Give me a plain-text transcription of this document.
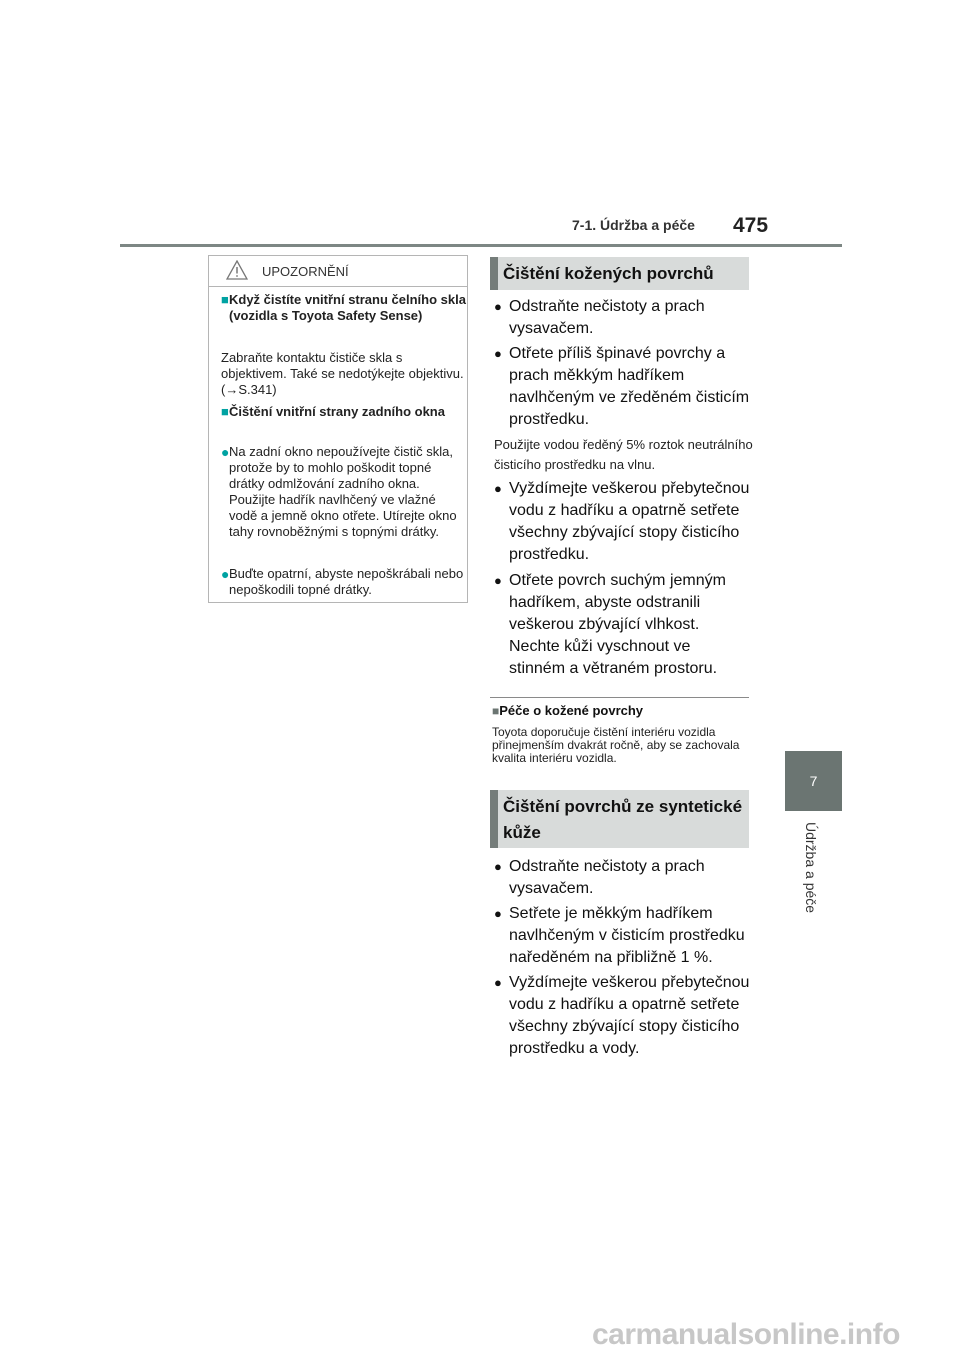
7-1. Údržba a péče 475
7
Údržba a péče
UPOZORNĚNÍ
■ Když čistíte vnitřní stranu čelního skla (vozidla s Toyota Safety Sense)
Zabraňte kontaktu čističe skla s objektivem. Také se nedotýkejte objektivu.
(→S.341)
■ Čištění vnitřní strany zadního okna
● Na zadní okno nepoužívejte čistič skla, protože by to mohlo poškodit topné drátky odmlžování zadního okna. Použijte hadřík navlhčený ve vlažné vodě a jemně okno otřete. Utírejte okno tahy rovnoběžnými s topnými drátky.
● Buďte opatrní, abyste nepoškrábali nebo nepoškodili topné drátky.
Čištění kožených povrchů
● Odstraňte nečistoty a prach vysavačem.
● Otřete příliš špinavé povrchy a prach měkkým hadříkem navlhčeným ve zředěném čisticím prostředku.
Použijte vodou ředěný 5% roztok neutrálního čisticího prostředku na vlnu.
● Vyždímejte veškerou přebytečnou vodu z hadříku a opatrně setřete všechny zbývající stopy čisticího prostředku.
● Otřete povrch suchým jemným hadříkem, abyste odstranili veškerou zbývající vlhkost. Nechte kůži vyschnout ve stinném a větraném prostoru.
■Péče o kožené povrchy
Toyota doporučuje čistění interiéru vozidla přinejmenším dvakrát ročně, aby se zachovala kvalita interiéru vozidla.
Čištění povrchů ze syntetické kůže
● Odstraňte nečistoty a prach vysavačem.
● Setřete je měkkým hadříkem navlhčeným v čisticím prostředku naředěném na přibližně 1 %.
● Vyždímejte veškerou přebytečnou vodu z hadříku a opatrně setřete všechny zbývající stopy čisticího prostředku a vody.
carmanualsonline.info
